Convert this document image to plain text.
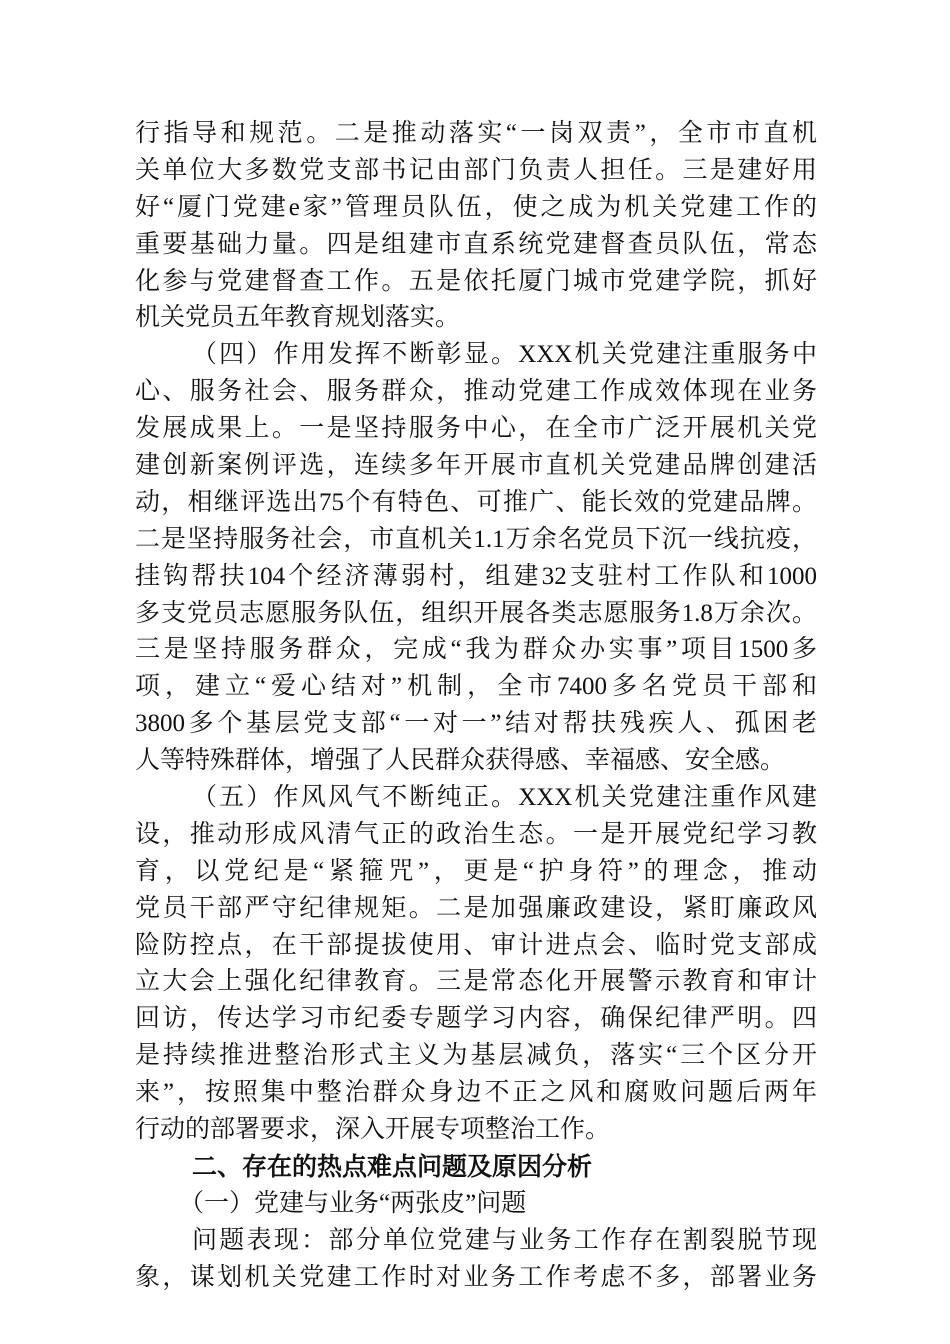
行指导和规范。二是推动落实“一岗双责”，全市市直机
关单位大多数党支部书记由部门负责人担任。三是建好用
好“厦门党建e家”管理员队伍，使之成为机关党建工作的
重要基础力量。四是组建市直系统党建督查员队伍，常态
化参与党建督查工作。五是依托厦门城市党建学院，抓好
机关党员五年教育规划落实。
（四）作用发挥不断彰显。XXX机关党建注重服务中
心、服务社会、服务群众，推动党建工作成效体现在业务
发展成果上。一是坚持服务中心，在全市广泛开展机关党
建创新案例评选，连续多年开展市直机关党建品牌创建活
动，相继评选出75个有特色、可推广、能长效的党建品牌。
二是坚持服务社会，市直机关1.1万余名党员下沉一线抗疫，
挂钩帮扶104个经济薄弱村，组建32支驻村工作队和1000
多支党员志愿服务队伍，组织开展各类志愿服务1.8万余次。
三是坚持服务群众，完成“我为群众办实事”项目1500多
项，建立“爱心结对”机制，全市7400多名党员干部和
3800多个基层党支部“一对一”结对帮扶残疾人、孤困老
人等特殊群体，增强了人民群众获得感、幸福感、安全感。
（五）作风风气不断纯正。XXX机关党建注重作风建
设，推动形成风清气正的政治生态。一是开展党纪学习教
育，以党纪是“紧箍咒”，更是“护身符”的理念，推动
党员干部严守纪律规矩。二是加强廉政建设，紧盯廉政风
险防控点，在干部提拔使用、审计进点会、临时党支部成
立大会上强化纪律教育。三是常态化开展警示教育和审计
回访，传达学习市纪委专题学习内容，确保纪律严明。四
是持续推进整治形式主义为基层减负，落实“三个区分开
来”，按照集中整治群众身边不正之风和腐败问题后两年
行动的部署要求，深入开展专项整治工作。
二、存在的热点难点问题及原因分析
（一）党建与业务“两张皮”问题
问题表现：部分单位党建与业务工作存在割裂脱节现
象，谋划机关党建工作时对业务工作考虑不多，部署业务
